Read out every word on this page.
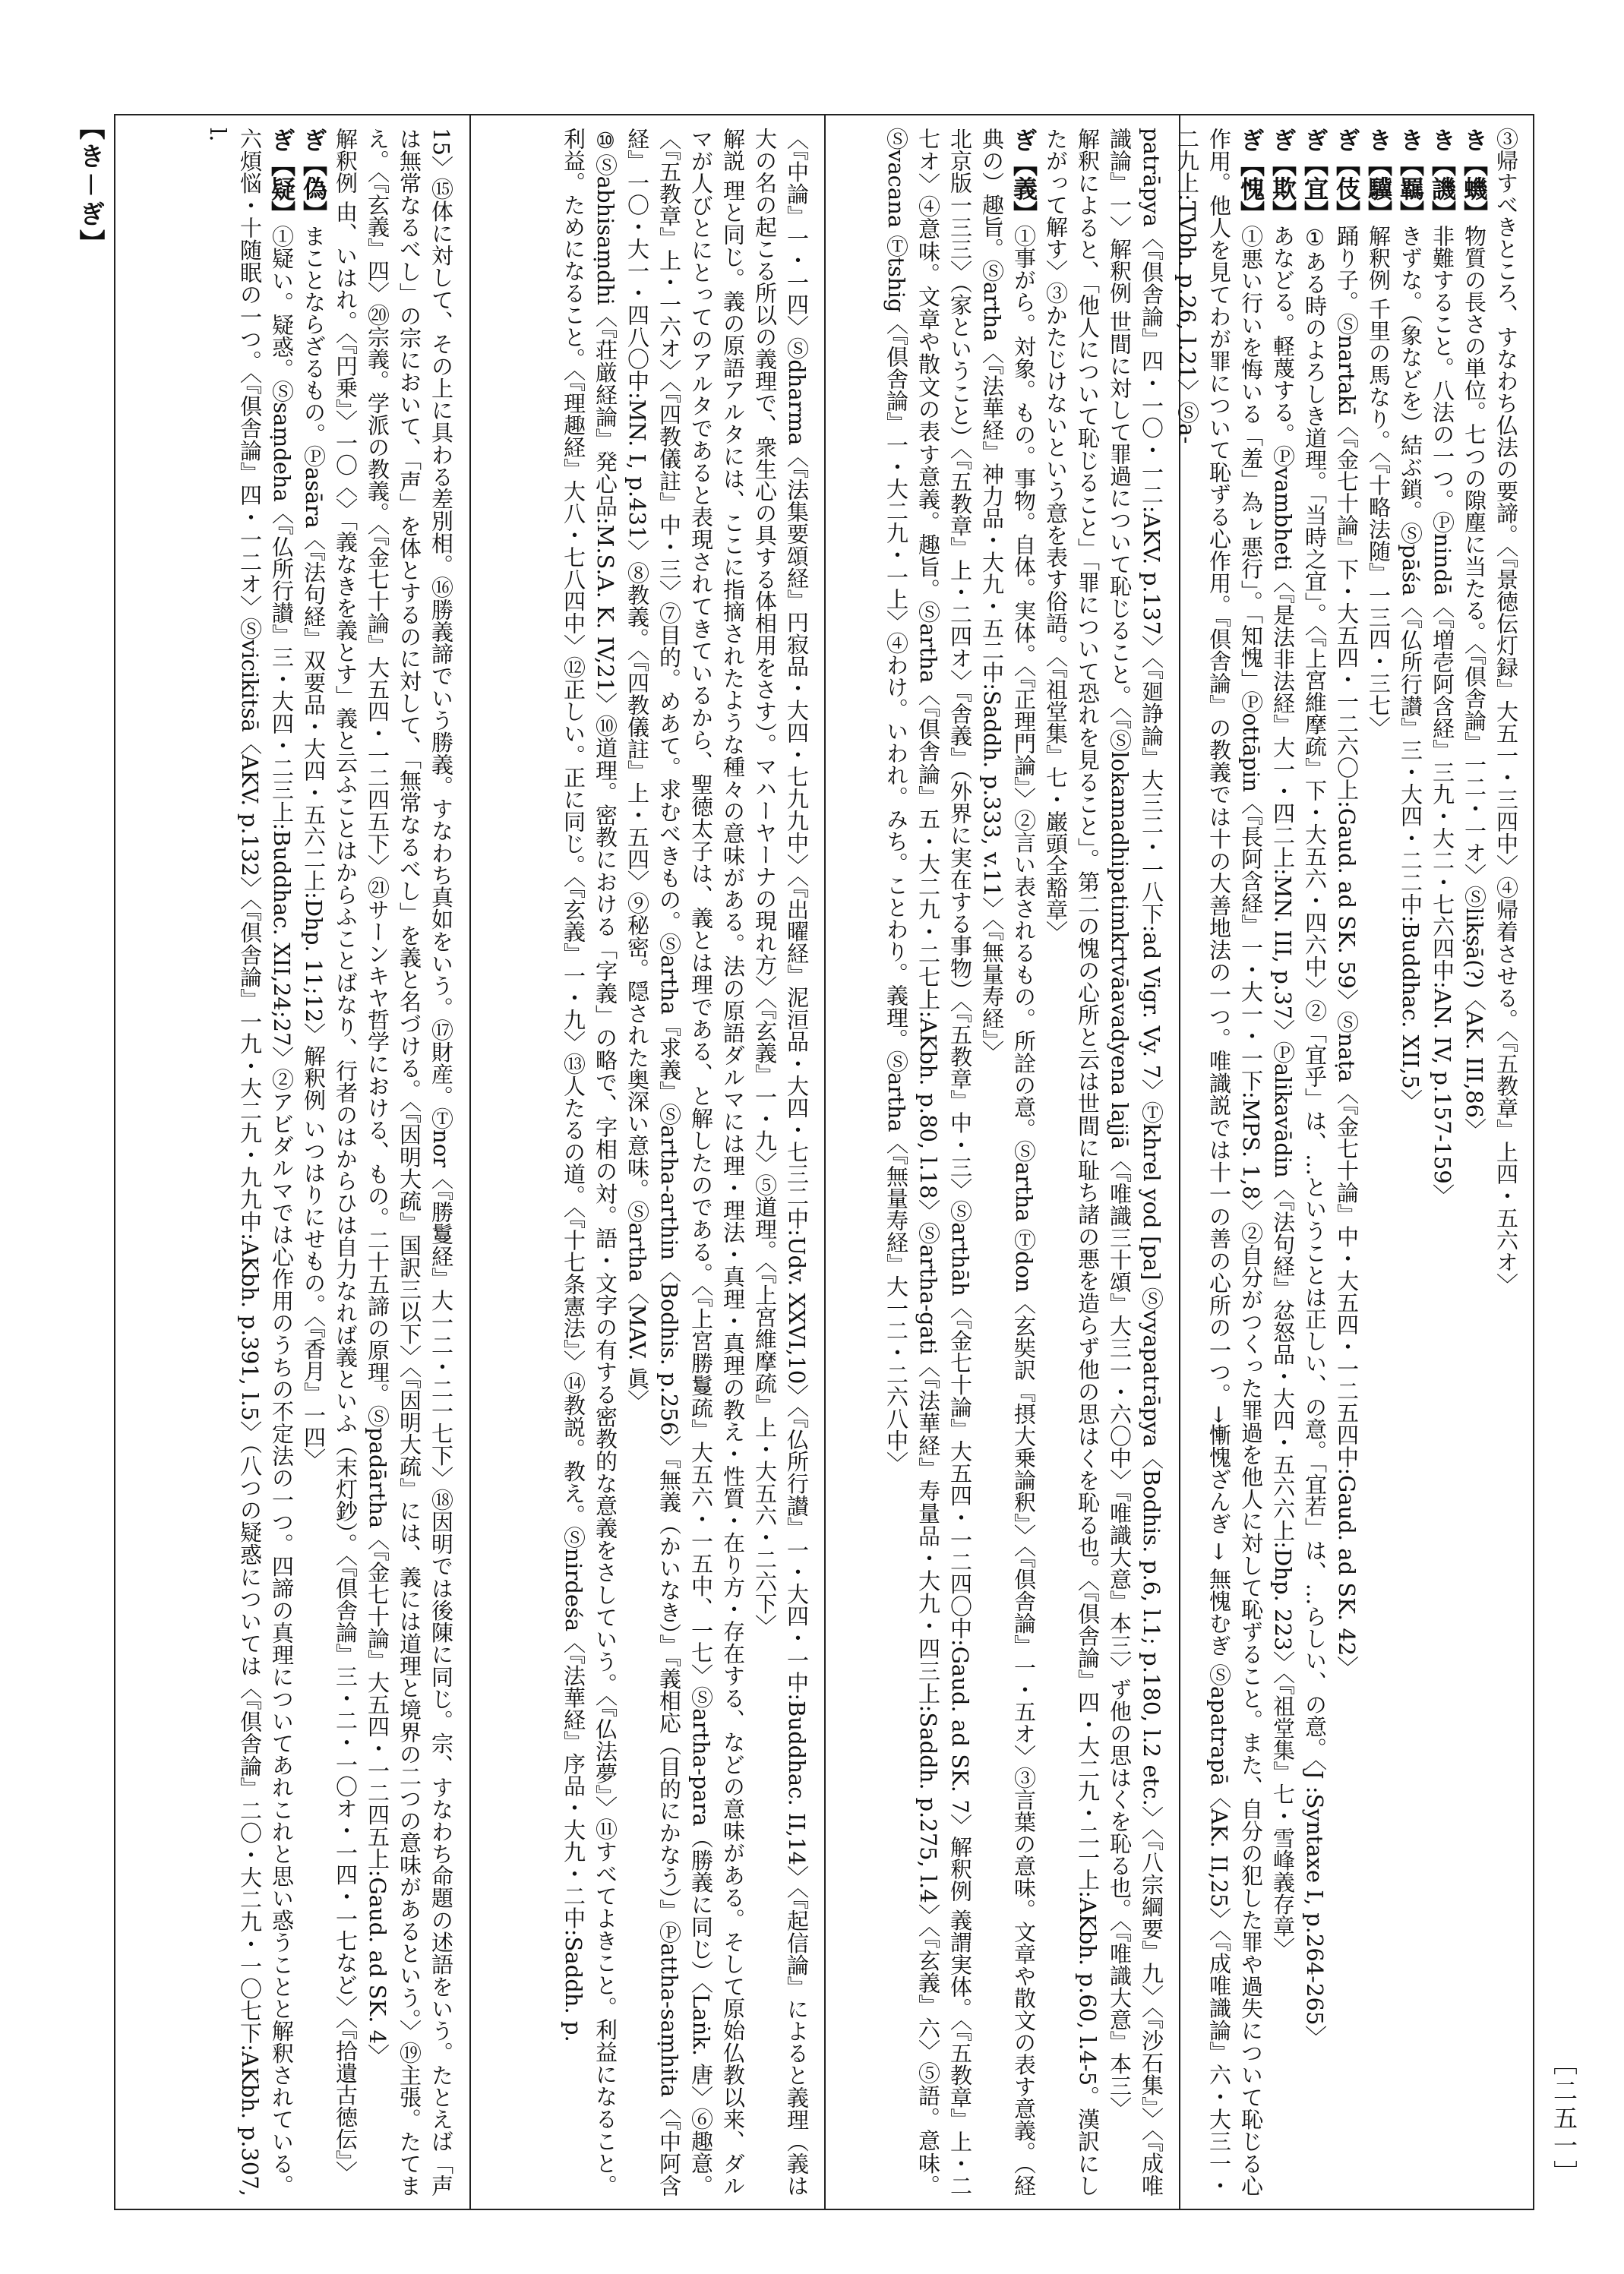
【き－ぎ】
［二五一］

③帰すべきところ、すなわち仏法の要諦。〈『景徳伝灯録』大五一・三四中〉④帰着させる。〈『五教章』上四・五六オ〉

き【蟣】物質の長さの単位。七つの隙塵に当たる。〈『倶舎論』一二・一オ〉Ⓢlikṣā(?)〈AK. III,86〉

き【譏】非難すること。八法の一つ。Ⓟnindā〈『増壱阿含経』三九・大二・七六四中:AN. IV, p.157-159〉

き【羈】きずな。（象などを）結ぶ鎖。Ⓢpāśa〈『仏所行讃』三・大四・二二中:Buddhac. XII,5〉

き【驥】解釈例 千里の馬なり。〈『十略法随』一三四・三七〉

ぎ【伎】踊り子。Ⓢnartakī〈『金七十論』下・大五四・一二六〇上:Gaud. ad SK. 59〉Ⓢnaṭa〈『金七十論』中・大五四・一二五四中:Gaud. ad SK. 42〉

ぎ【宜】①ある時のよろしき道理。「当時之宜」。〈『上宮維摩疏』下・大五六・四六中〉②「宜乎」は、…ということは正しい、の意。「宜若」は、…らしい、の意。〈J :Syntaxe I, p.264-265〉

ぎ【欺】あなどる。軽蔑する。Ⓟvambheti〈『是法非法経』大一・四二上:MN. III, p.37〉Ⓟalikavādin〈『法句経』忿怒品・大四・五六六上:Dhp. 223〉〈『祖堂集』七・雪峰義存章〉

ぎ【愧】①悪い行いを悔いる「羞」為ㇾ悪行」。「知愧」Ⓟottāpin〈『長阿含経』一・大一・一下:MPS. 1,8〉②自分がつくった罪過を他人に対して恥ずること。また、自分の犯した罪や過失について恥じる心作用。他人を見てわが罪について恥ずる心作用。『倶舎論』の教義では十の大善地法の一つ。唯識説では十一の善の心所の一つ。→慚愧ざんぎ → 無愧むぎ Ⓢapatrapā〈AK. II,25〉〈『成唯識論』六・大三一・二九上:TVbh. p.26, l.21〉Ⓢa-

patrāpya〈『倶舎論』四・一〇・一二:AKV. p.137〉〈『廻諍論』大三二・一八下:ad Vigr. Vy. 7〉Ⓣkhrel yod [pa] Ⓢvyapatrāpya〈Bodhis. p.6, l.1; p.180, l.2 etc.〉〈『八宗綱要』九〉〈『沙石集』〉〈『成唯識論』一〉解釈例 世間に対して罪過について恥じること。〈『Ⓢlokamadhipatimkrtvāavadyena lajjā〈『唯識三十頌』大三一・六〇中〉『唯識大意』本三〉ず他の思はくを恥る也。〈『唯識大意』本三〉

解釈によると、「他人について恥じること」「罪について恐れを見ること」。第二の愧の心所と云は世間に耻ち諸の悪を造らず他の思はくを恥る也。〈『倶舎論』四・大二九・二一上:AKbh. p.60, l.4-5。漢訳にしたがって解す〉③かたじけないという意を表す俗語。〈『祖堂集』七・巌頭全豁章〉

ぎ【義】①事がら。対象。もの。事物。自体。実体。〈『正理門論』〉②言い表されるもの。所詮の意。Ⓢartha Ⓣdon〈玄奘訳『摂大乗論釈』〉〈『倶舎論』一・五オ〉③言葉の意味。文章や散文の表す意義。（経典の）趣旨。Ⓢartha〈『法華経』神力品・大九・五二中:Saddh. p.333, v.11〉〈『無量寿経』〉

北京版一三三〉（家ということ）〈『五教章』上・二四オ〉『舎義』（外界に実在する事物）〈『五教章』中・三〉Ⓢarthāh〈『金七十論』大五四・一二四〇中:Gaud. ad SK. 7〉解釈例 義謂実体。〈『五教章』上・二七オ〉④意味。文章や散文の表す意義。趣旨。Ⓢartha〈『倶舎論』五・大二九・二七上:AKbh. p.80, l.18〉Ⓢartha-gati〈『法華経』寿量品・大九・四三上:Saddh. p.275, l.4〉〈『玄義』六〉⑤語。意味。Ⓢvacana Ⓣtshig〈『倶舎論』一・大二九・一上〉④わけ。いわれ。みち。ことわり。義理。Ⓢartha〈『無量寿経』大一二・二六八中〉

〈『中論』一・一四〉Ⓢdharma〈『法集要頌経』円寂品・大四・七九九中〉〈『出曜経』泥洹品・大四・七三二中:Udv. XXVI,10〉〈『仏所行讃』一・大四・一中:Buddhac. II,14〉〈『起信論』によると義理（義は大の名の起こる所以の義理で、衆生心の具する体相用をさす）。マハーヤーナの現れ方〉〈『玄義』一・九〉⑤道理。〈『上宮維摩疏』上・大五六・二六下〉

解説 理と同じ。義の原語アルタには、ここに指摘されたような種々の意味がある。法の原語ダルマには理・理法・真理・真理の教え・性質・在り方・存在する、などの意味がある。そして原始仏教以来、ダルマが人びとにとってのアルタであると表現されてきているから、聖徳太子は、義とは理である、と解したのである。〈『上宮勝鬘疏』大五六・一五中、一七〉Ⓢartha-para（勝義に同じ）〈Laṅk. 唐〉⑥趣意。〈『五教章』上・一六オ〉〈『四教儀註』中・三〉⑦目的。めあて。求むべきもの。Ⓢartha『求義』Ⓢartha-arthin〈Bodhis. p.256〉『無義（かいなき）』『義相応（目的にかなう）』Ⓟattha-saṃhita〈『中阿含経』一〇・大一・四八〇中:MN. I, p.431〉⑧教義。〈『四教儀註』上・五四〉⑨秘密。隠された奥深い意味。Ⓢartha〈MAV. 眞〉

⑩Ⓢabhisaṃdhi〈『荘厳経論』発心品:M.S.A. K. IV,21〉⑩道理。密教における「字義」の略で、字相の対。語・文字の有する密教的な意義をさしていう。〈『仏法夢』〉⑪すべてよきこと。利益になること。利益。ためになること。〈『理趣経』大八・七八四中〉⑫正しい。正に同じ。〈『玄義』一・九〉⑬人たるの道。〈『十七条憲法』〉⑭教説。教え。Ⓢnirdeśa〈『法華経』序品・大九・二中:Saddh. p.

15〉⑮体に対して、その上に具わる差別相。⑯勝義諦でいう勝義。すなわち真如をいう。⑰財産。Ⓣnor〈『勝鬘経』大一二・二一七下〉⑱因明では後陳に同じ。宗、すなわち命題の述語をいう。たとえば「声は無常なるべし」の宗において、「声」を体とするのに対して、「無常なるべし」を義と名づける。〈『因明大疏』国訳三以下〉〈『因明大疏』には、義には道理と境界の二つの意味があるという。〉⑲主張。たてまえ。〈『玄義』四〉⑳宗義。学派の教義。〈『金七十論』大五四・一二四五下〉㉑サーンキヤ哲学における、もの。二十五諦の原理。Ⓢpadārtha〈『金七十論』大五四・一二四五上:Gaud. ad SK. 4〉

解釈例 由、いはれ。〈『円乗』〉一〇〈〉「義なきを義とす」義と云ふことはからふことばなり、行者のはからひは自力なれば義といふ（末灯鈔）。〈『倶舎論』三・二・一〇オ・一四・一七など〉〈『拾遺古徳伝』〉

ぎ【偽】まことならざるもの。Ⓟasāra〈『法句経』双要品・大四・五六二上:Dhp. 11;12〉解釈例 いつはりにせもの。〈『香月』一四〉

ぎ【疑】①疑い。疑惑。Ⓢsaṃdeha〈『仏所行讃』三・大四・二三上:Buddhac. XII,24;27〉②アビダルマでは心作用のうちの不定法の一つ。四諦の真理についてあれこれと思い惑うことと解釈されている。六煩悩・十随眠の一つ。〈『倶舎論』四・一二オ〉Ⓢvicikitsā〈AKV. p.132〉〈『倶舎論』一九・大二九・九九中:AKbh. p.391, l.5〉（八つの疑惑については〈『倶舎論』二〇・大二九・一〇七下:AKbh. p.307, l.
